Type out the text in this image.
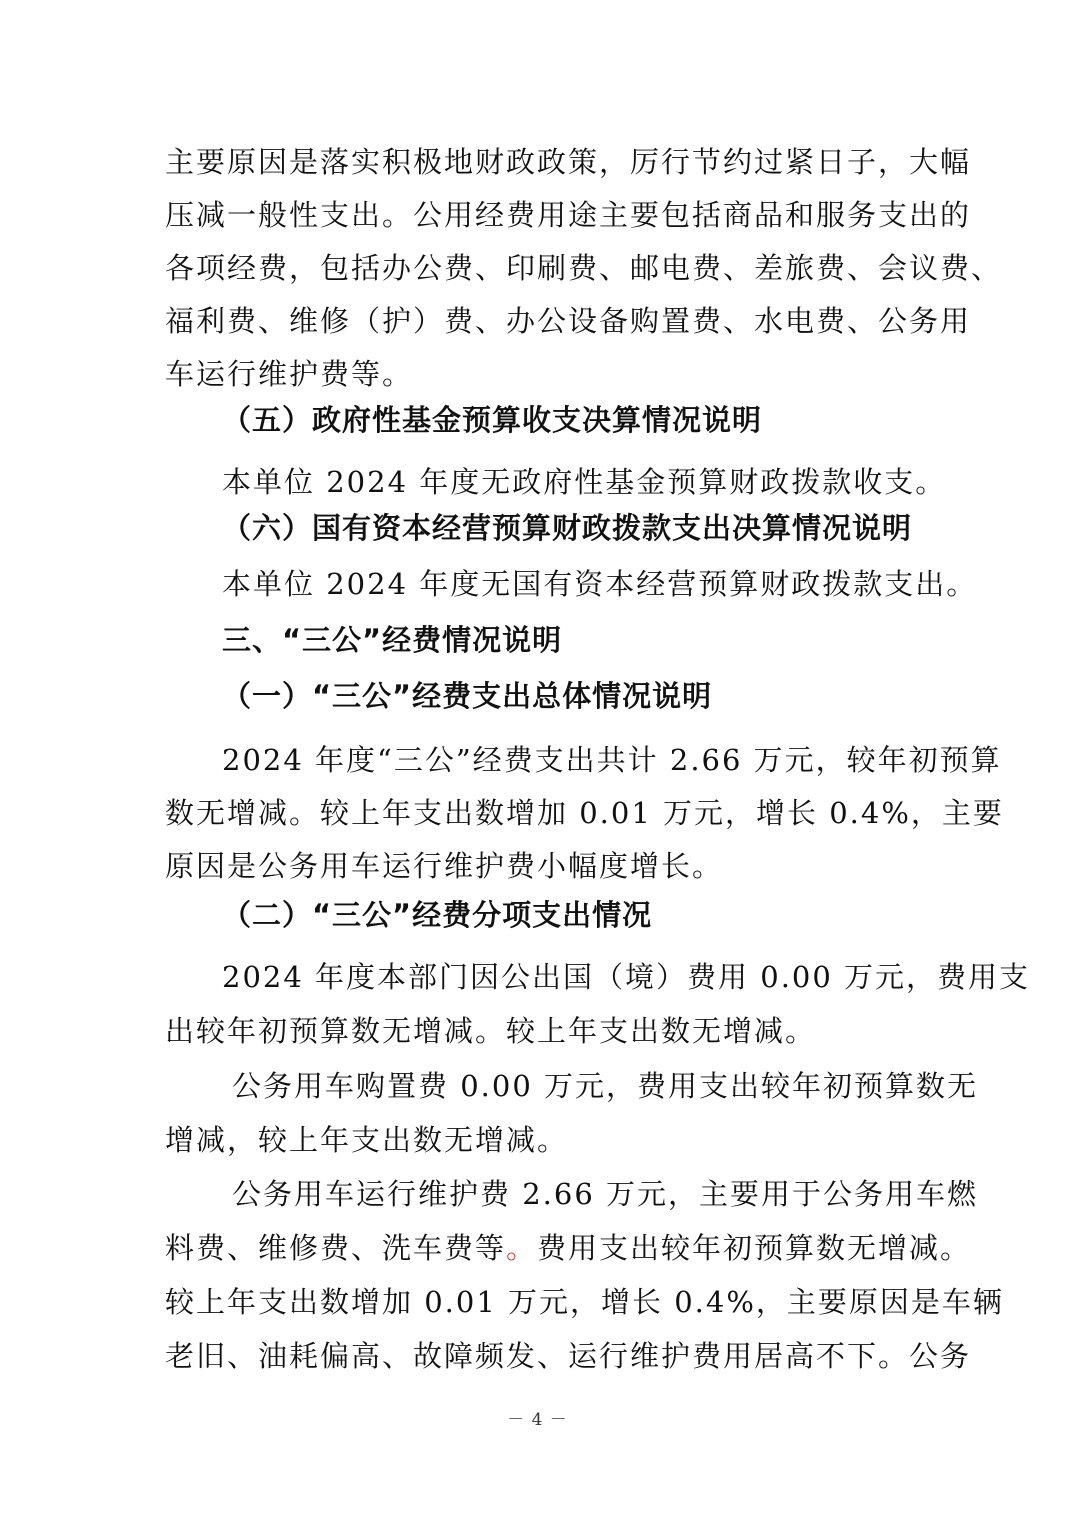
主要原因是落实积极地财政政策，厉行节约过紧日子，大幅
压减一般性支出。公用经费用途主要包括商品和服务支出的
各项经费，包括办公费、印刷费、邮电费、差旅费、会议费、
福利费、维修（护）费、办公设备购置费、水电费、公务用
车运行维护费等。
（五）政府性基金预算收支决算情况说明
本单位 2024 年度无政府性基金预算财政拨款收支。
（六）国有资本经营预算财政拨款支出决算情况说明
本单位 2024 年度无国有资本经营预算财政拨款支出。
三、“三公”经费情况说明
（一）“三公”经费支出总体情况说明
2024 年度“三公”经费支出共计 2.66 万元，较年初预算
数无增减。较上年支出数增加 0.01 万元，增长 0.4%，主要
原因是公务用车运行维护费小幅度增长。
（二）“三公”经费分项支出情况
2024 年度本部门因公出国（境）费用 0.00 万元，费用支
出较年初预算数无增减。较上年支出数无增减。
公务用车购置费 0.00 万元，费用支出较年初预算数无
增减，较上年支出数无增减。
公务用车运行维护费 2.66 万元，主要用于公务用车燃
料费、维修费、洗车费等。费用支出较年初预算数无增减。
较上年支出数增加 0.01 万元，增长 0.4%，主要原因是车辆
老旧、油耗偏高、故障频发、运行维护费用居高不下。公务
－ 4 －
